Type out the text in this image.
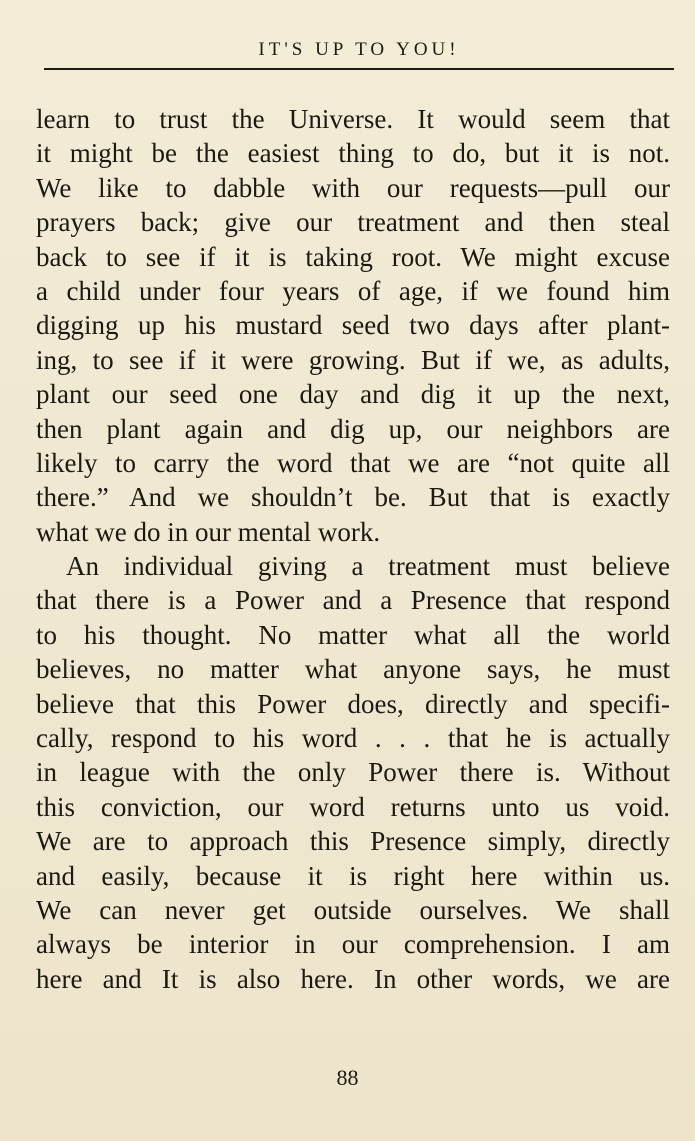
IT'S UP TO YOU!
learn to trust the Universe. It would seem that
it might be the easiest thing to do, but it is not.
We like to dabble with our requests—pull our
prayers back; give our treatment and then steal
back to see if it is taking root. We might excuse
a child under four years of age, if we found him
digging up his mustard seed two days after plant-
ing, to see if it were growing. But if we, as adults,
plant our seed one day and dig it up the next,
then plant again and dig up, our neighbors are
likely to carry the word that we are “not quite all
there.” And we shouldn’t be. But that is exactly
what we do in our mental work.
An individual giving a treatment must believe
that there is a Power and a Presence that respond
to his thought. No matter what all the world
believes, no matter what anyone says, he must
believe that this Power does, directly and specifi-
cally, respond to his word . . . that he is actually
in league with the only Power there is. Without
this conviction, our word returns unto us void.
We are to approach this Presence simply, directly
and easily, because it is right here within us.
We can never get outside ourselves. We shall
always be interior in our comprehension. I am
here and It is also here. In other words, we are
88
